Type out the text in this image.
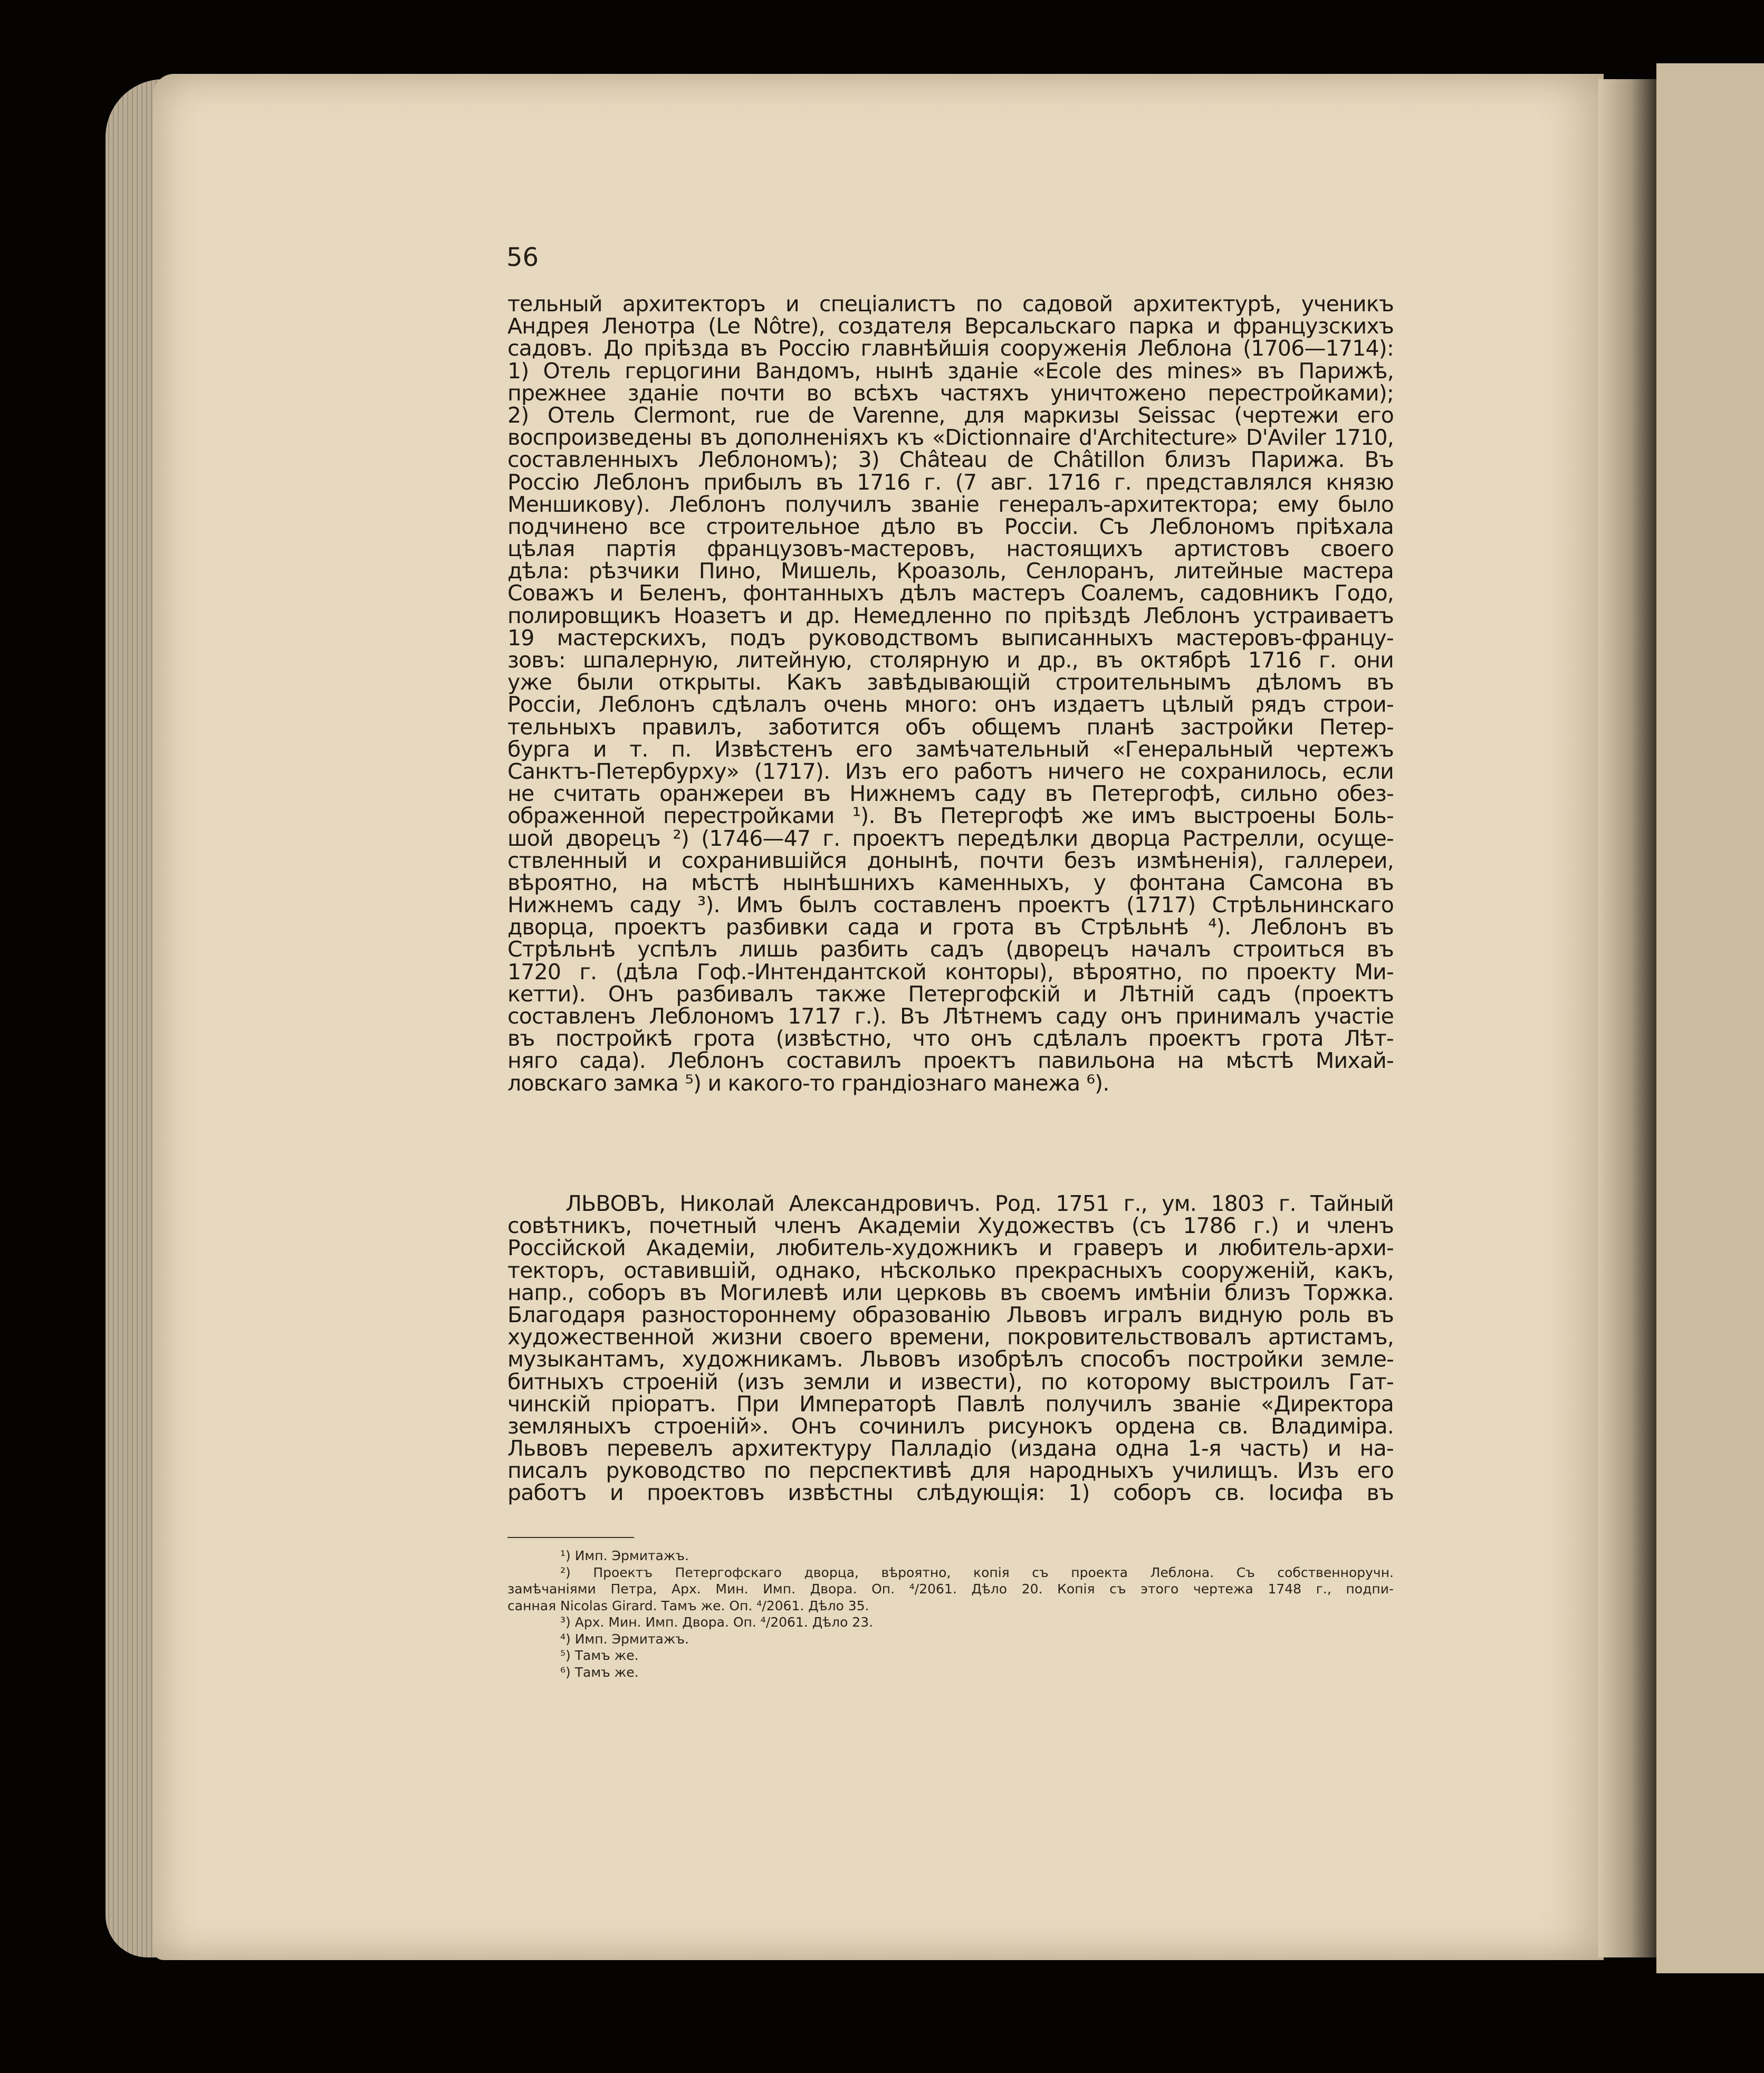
56
тельный архитекторъ и спеціалистъ по садовой архитектурѣ, ученикъ
Андрея Ленотра (Le Nôtre), создателя Версальскаго парка и французскихъ
садовъ. До пріѣзда въ Россію главнѣйшія сооруженія Леблона (1706—1714):
1) Отель герцогини Вандомъ, нынѣ зданіе «Ecole des mines» въ Парижѣ,
прежнее зданіе почти во всѣхъ частяхъ уничтожено перестройками);
2) Отель Clermont, rue de Varenne, для маркизы Seissac (чертежи его
воспроизведены въ дополненіяхъ къ «Dictionnaire d'Architecture» D'Aviler 1710,
составленныхъ Леблономъ); 3) Château de Châtillon близъ Парижа. Въ
Россію Леблонъ прибылъ въ 1716 г. (7 авг. 1716 г. представлялся князю
Меншикову). Леблонъ получилъ званіе генералъ-архитектора; ему было
подчинено все строительное дѣло въ Россіи. Съ Леблономъ пріѣхала
цѣлая партія французовъ-мастеровъ, настоящихъ артистовъ своего
дѣла: рѣзчики Пино, Мишель, Кроазоль, Сенлоранъ, литейные мастера
Соважъ и Беленъ, фонтанныхъ дѣлъ мастеръ Соалемъ, садовникъ Годо,
полировщикъ Ноазетъ и др. Немедленно по пріѣздѣ Леблонъ устраиваетъ
19 мастерскихъ, подъ руководствомъ выписанныхъ мастеровъ-францу-
зовъ: шпалерную, литейную, столярную и др., въ октябрѣ 1716 г. они
уже были открыты. Какъ завѣдывающій строительнымъ дѣломъ въ
Россіи, Леблонъ сдѣлалъ очень много: онъ издаетъ цѣлый рядъ строи-
тельныхъ правилъ, заботится объ общемъ планѣ застройки Петер-
бурга и т. п. Извѣстенъ его замѣчательный «Генеральный чертежъ
Санктъ-Петербурху» (1717). Изъ его работъ ничего не сохранилось, если
не считать оранжереи въ Нижнемъ саду въ Петергофѣ, сильно обез-
ображенной перестройками ¹). Въ Петергофѣ же имъ выстроены Боль-
шой дворецъ ²) (1746—47 г. проектъ передѣлки дворца Растрелли, осуще-
ствленный и сохранившійся донынѣ, почти безъ измѣненія), галлереи,
вѣроятно, на мѣстѣ нынѣшнихъ каменныхъ, у фонтана Самсона въ
Нижнемъ саду ³). Имъ былъ составленъ проектъ (1717) Стрѣльнинскаго
дворца, проектъ разбивки сада и грота въ Стрѣльнѣ ⁴). Леблонъ въ
Стрѣльнѣ успѣлъ лишь разбить садъ (дворецъ началъ строиться въ
1720 г. (дѣла Гоф.-Интендантской конторы), вѣроятно, по проекту Ми-
кетти). Онъ разбивалъ также Петергофскій и Лѣтній садъ (проектъ
составленъ Леблономъ 1717 г.). Въ Лѣтнемъ саду онъ принималъ участіе
въ постройкѣ грота (извѣстно, что онъ сдѣлалъ проектъ грота Лѣт-
няго сада). Леблонъ составилъ проектъ павильона на мѣстѣ Михай-
ловскаго замка ⁵) и какого-то грандіознаго манежа ⁶).
ЛЬВОВЪ, Николай Александровичъ. Род. 1751 г., ум. 1803 г. Тайный
совѣтникъ, почетный членъ Академіи Художествъ (съ 1786 г.) и членъ
Россійской Академіи, любитель-художникъ и граверъ и любитель-архи-
текторъ, оставившій, однако, нѣсколько прекрасныхъ сооруженій, какъ,
напр., соборъ въ Могилевѣ или церковь въ своемъ имѣніи близъ Торжка.
Благодаря разностороннему образованію Львовъ игралъ видную роль въ
художественной жизни своего времени, покровительствовалъ артистамъ,
музыкантамъ, художникамъ. Львовъ изобрѣлъ способъ постройки земле-
битныхъ строеній (изъ земли и извести), по которому выстроилъ Гат-
чинскій пріоратъ. При Императорѣ Павлѣ получилъ званіе «Директора
земляныхъ строеній». Онъ сочинилъ рисунокъ ордена св. Владиміра.
Львовъ перевелъ архитектуру Палладіо (издана одна 1-я часть) и на-
писалъ руководство по перспективѣ для народныхъ училищъ. Изъ его
работъ и проектовъ извѣстны слѣдующія: 1) соборъ св. Іосифа въ
¹) Имп. Эрмитажъ.
²) Проектъ Петергофскаго дворца, вѣроятно, копія съ проекта Леблона. Съ собственноручн.
замѣчаніями Петра, Арх. Мин. Имп. Двора. Оп. ⁴/2061. Дѣло 20. Копія съ этого чертежа 1748 г., подпи-
санная Nicolas Girard. Тамъ же. Оп. ⁴/2061. Дѣло 35.
³) Арх. Мин. Имп. Двора. Оп. ⁴/2061. Дѣло 23.
⁴) Имп. Эрмитажъ.
⁵) Тамъ же.
⁶) Тамъ же.
